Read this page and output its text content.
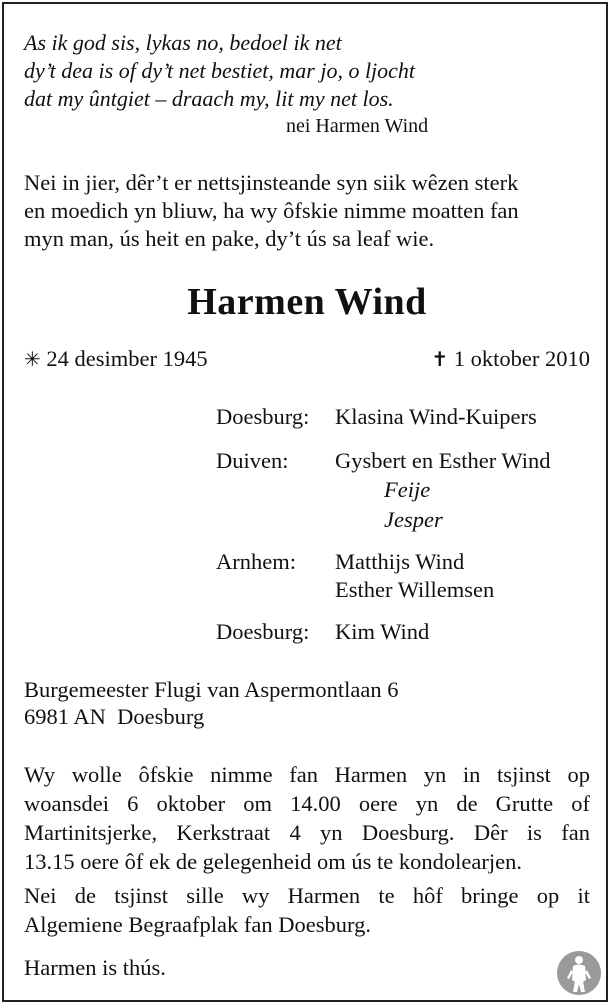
As ik god sis, lykas no, bedoel ik net
dy’t dea is of dy’t net bestiet, mar jo, o ljocht
dat my ûntgiet – draach my, lit my net los.
nei Harmen Wind
Nei in jier, dêr’t er nettsjinsteande syn siik wêzen sterk
en moedich yn bliuw, ha wy ôfskie nimme moatten fan
myn man, ús heit en pake, dy’t ús sa leaf wie.
Harmen Wind
✳ 24 desimber 1945	✝ 1 oktober 2010
Doesburg: Klasina Wind-Kuipers
Duiven: Gysbert en Esther Wind
Feije
Jesper
Arnhem: Matthijs Wind
Esther Willemsen
Doesburg: Kim Wind
Burgemeester Flugi van Aspermontlaan 6
6981 AN  Doesburg

Wy wolle ôfskie nimme fan Harmen yn in tsjinst op

woansdei 6 oktober om 14.00 oere yn de Grutte of

Martinitsjerke, Kerkstraat 4 yn Doesburg. Dêr is fan

13.15 oere ôf ek de gelegenheid om ús te kondolearjen.

Nei de tsjinst sille wy Harmen te hôf bringe op it

Algemiene Begraafplak fan Doesburg.

Harmen is thús.
